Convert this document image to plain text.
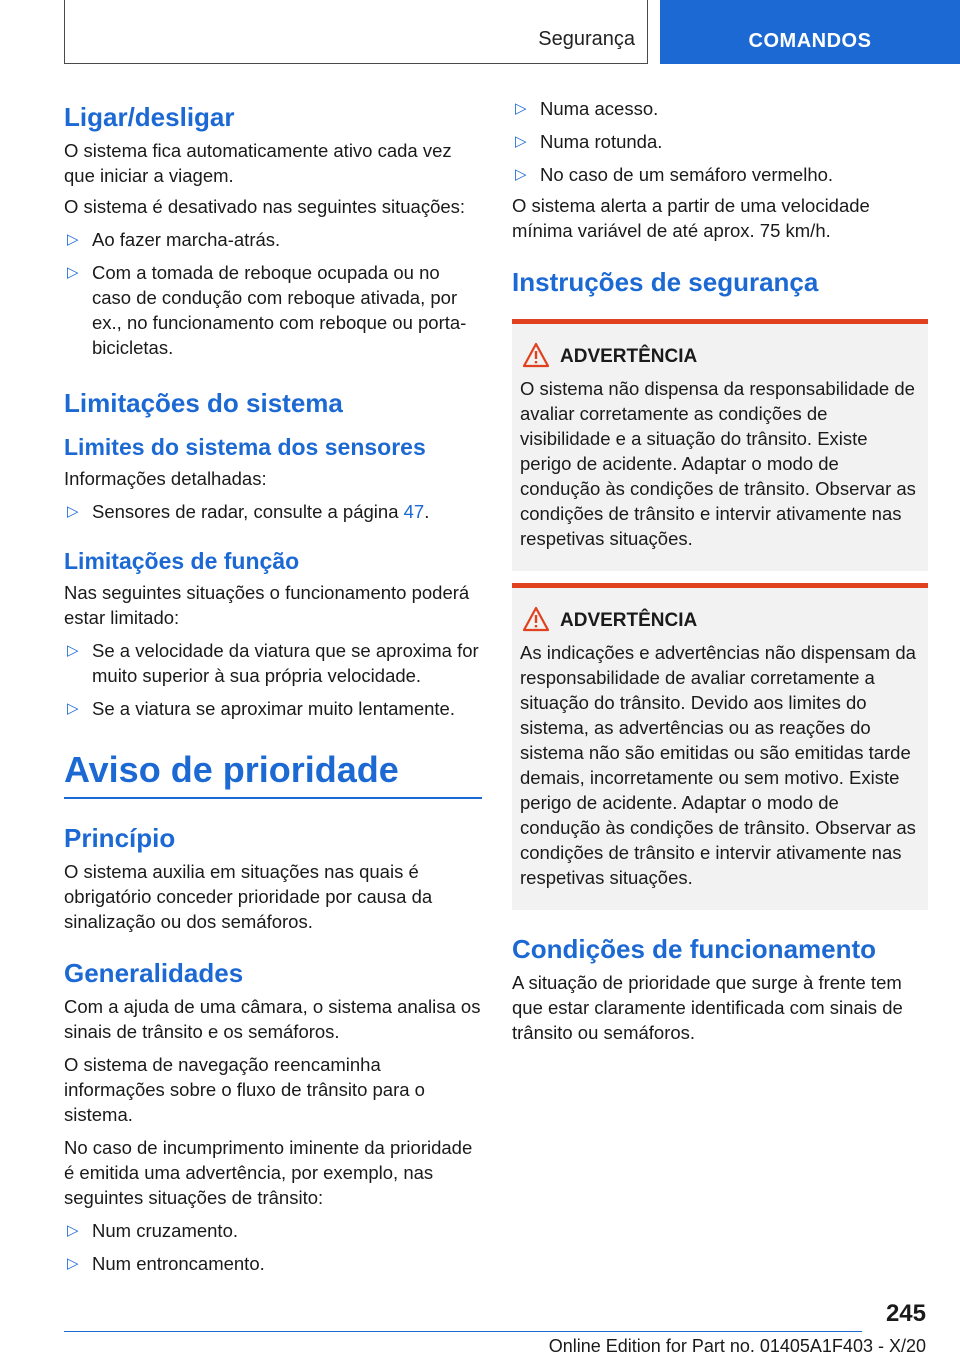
Segurança	COMANDOS
Ligar/desligar

O sistema fica automaticamente ativo cada vez que iniciar a viagem.

O sistema é desativado nas seguintes situações:

▷ Ao fazer marcha-atrás.
▷ Com a tomada de reboque ocupada ou no caso de condução com reboque ativada, por ex., no funcionamento com reboque ou porta-bicicletas.
Limitações do sistema
Limites do sistema dos sensores

Informações detalhadas:

▷ Sensores de radar, consulte a página 47.
Limitações de função

Nas seguintes situações o funcionamento poderá estar limitado:

▷ Se a velocidade da viatura que se aproxima for muito superior à sua própria velocidade.
▷ Se a viatura se aproximar muito lentamente.
Aviso de prioridade
Princípio

O sistema auxilia em situações nas quais é obrigatório conceder prioridade por causa da sinalização ou dos semáforos.

Generalidades

Com a ajuda de uma câmara, o sistema analisa os sinais de trânsito e os semáforos.

O sistema de navegação reencaminha informações sobre o fluxo de trânsito para o sistema.

No caso de incumprimento iminente da prioridade é emitida uma advertência, por exemplo, nas seguintes situações de trânsito:

▷ Num cruzamento.
▷ Num entroncamento.
▷ Numa acesso.
▷ Numa rotunda.
▷ No caso de um semáforo vermelho.

O sistema alerta a partir de uma velocidade mínima variável de até aprox. 75 km/h.

Instruções de segurança
ADVERTÊNCIA

O sistema não dispensa da responsabilidade de avaliar corretamente as condições de visibilidade e a situação do trânsito. Existe perigo de acidente. Adaptar o modo de condução às condições de trânsito. Observar as condições de trânsito e intervir ativamente nas respetivas situações.

ADVERTÊNCIA

As indicações e advertências não dispensam da responsabilidade de avaliar corretamente a situação do trânsito. Devido aos limites do sistema, as advertências ou as reações do sistema não são emitidas ou são emitidas tarde demais, incorretamente ou sem motivo. Existe perigo de acidente. Adaptar o modo de condução às condições de trânsito. Observar as condições de trânsito e intervir ativamente nas respetivas situações.

Condições de funcionamento

A situação de prioridade que surge à frente tem que estar claramente identificada com sinais de trânsito ou semáforos.

245
Online Edition for Part no. 01405A1F403 - X/20
